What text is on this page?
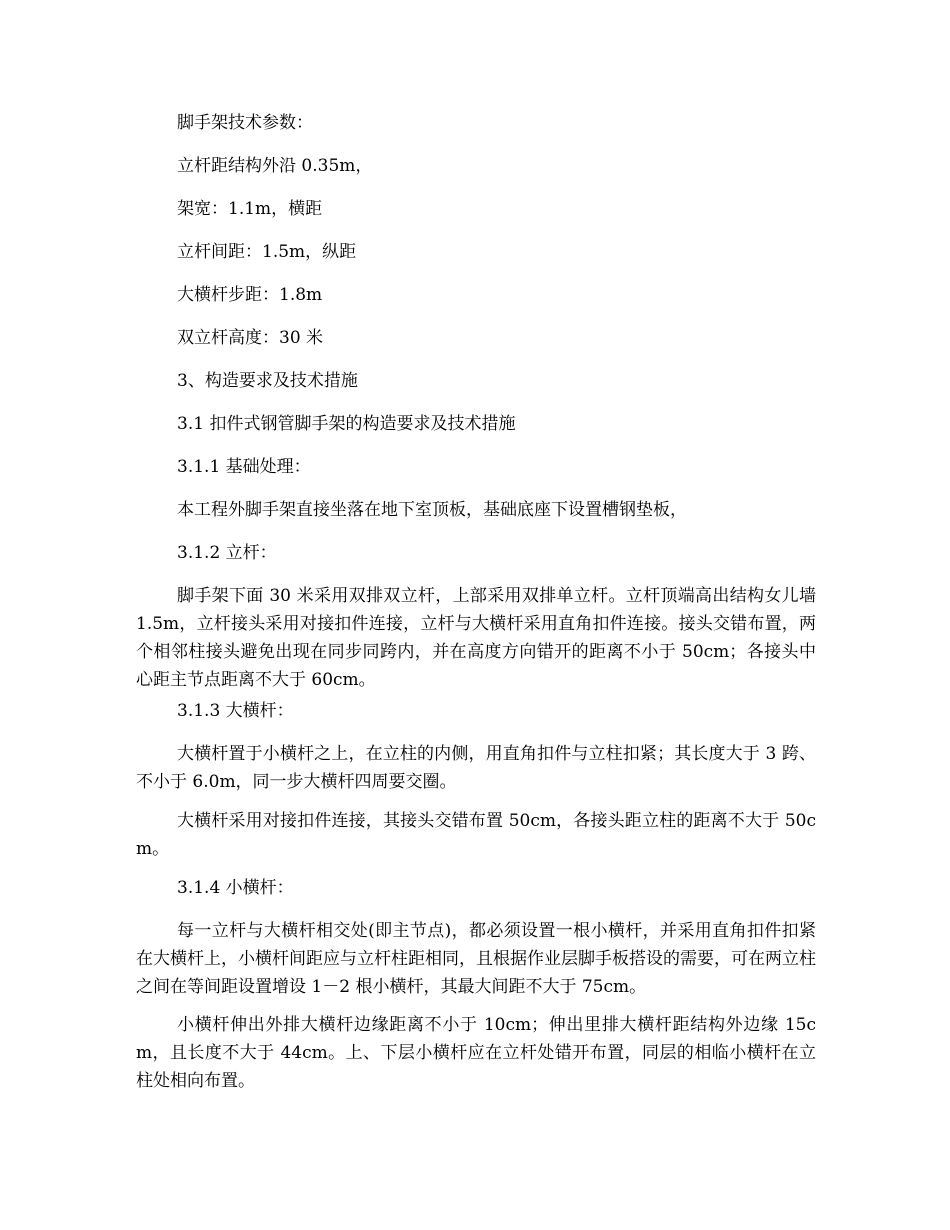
脚手架技术参数：

立杆距结构外沿 0.35m，

架宽：1.1m，横距

立杆间距：1.5m，纵距

大横杆步距：1.8m

双立杆高度：30 米

3、构造要求及技术措施

3.1 扣件式钢管脚手架的构造要求及技术措施

3.1.1 基础处理：

本工程外脚手架直接坐落在地下室顶板，基础底座下设置槽钢垫板，

3.1.2 立杆：

脚手架下面 30 米采用双排双立杆，上部采用双排单立杆。立杆顶端高出结构女儿墙 1.5m，立杆接头采用对接扣件连接，立杆与大横杆采用直角扣件连接。接头交错布置，两个相邻柱接头避免出现在同步同跨内，并在高度方向错开的距离不小于 50cm；各接头中心距主节点距离不大于 60cm。

3.1.3 大横杆：

大横杆置于小横杆之上，在立柱的内侧，用直角扣件与立柱扣紧；其长度大于 3 跨、不小于 6.0m，同一步大横杆四周要交圈。

大横杆采用对接扣件连接，其接头交错布置 50cm，各接头距立柱的距离不大于 50cm。

3.1.4 小横杆：

每一立杆与大横杆相交处(即主节点)，都必须设置一根小横杆，并采用直角扣件扣紧在大横杆上，小横杆间距应与立杆柱距相同，且根据作业层脚手板搭设的需要，可在两立柱之间在等间距设置增设 1－2 根小横杆，其最大间距不大于 75cm。

小横杆伸出外排大横杆边缘距离不小于 10cm；伸出里排大横杆距结构外边缘 15cm，且长度不大于 44cm。上、下层小横杆应在立杆处错开布置，同层的相临小横杆在立柱处相向布置。
